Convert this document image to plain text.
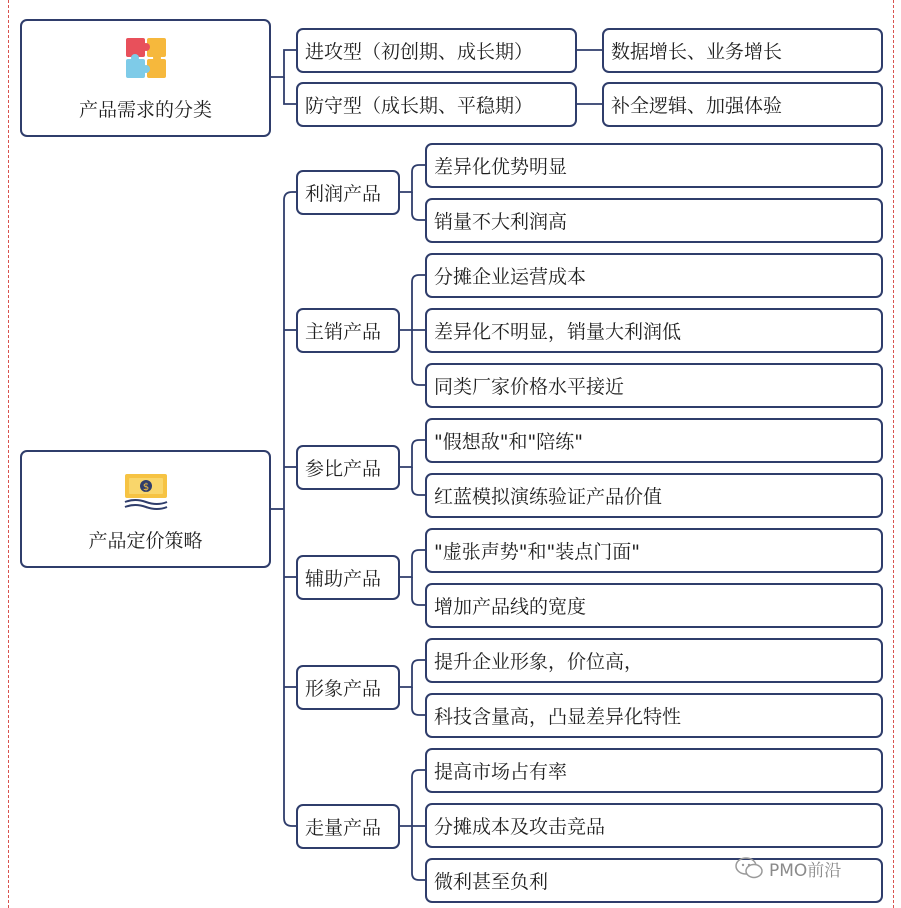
产品需求的分类
进攻型（初创期、成长期）
防守型（成长期、平稳期）
数据增长、业务增长
补全逻辑、加强体验
$
产品定价策略
利润产品
主销产品
参比产品
辅助产品
形象产品
走量产品
差异化优势明显
销量不大利润高
分摊企业运营成本
差异化不明显，销量大利润低
同类厂家价格水平接近
"假想敌"和"陪练"
红蓝模拟演练验证产品价值
"虚张声势"和"装点门面"
增加产品线的宽度
提升企业形象，价位高，
科技含量高，凸显差异化特性
提高市场占有率
分摊成本及攻击竞品
微利甚至负利
PMO前沿
